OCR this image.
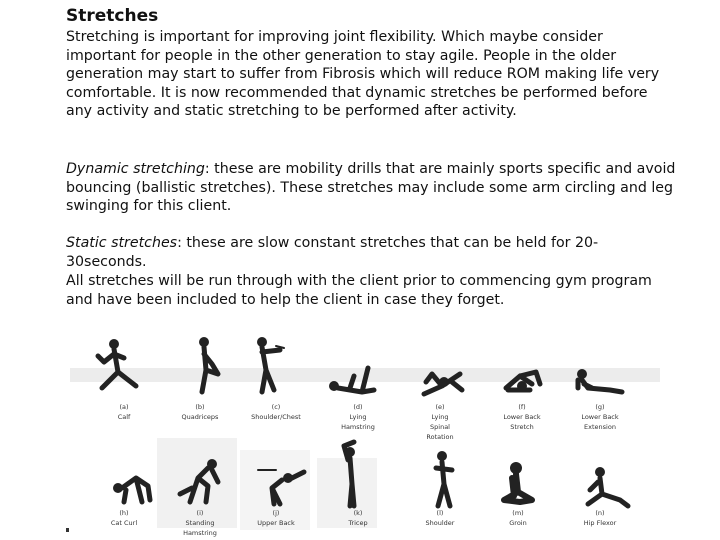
Stretches

Stretching is important for improving joint flexibility. Which maybe consider important for people in the other generation to stay agile. People in the older generation may start to suffer from Fibrosis which will reduce ROM making life very comfortable. It is now recommended that dynamic stretches be performed before any activity and static stretching to be performed after activity.

Dynamic stretching: these are mobility drills that are mainly sports specific and avoid bouncing (ballistic stretches). These stretches may include some arm circling and leg swinging for this client.

Static stretches: these are slow constant stretches that can be held for 20-30seconds.

All stretches will be run through with the client prior to commencing gym program and have been included to help the client in case they forget.

(a)
Calf
(b)
Quadriceps
(c)
Shoulder/Chest
(d)
Lying Hamstring
(e)
Lying Spinal Rotation
(f)
Lower Back Stretch
(g)
Lower Back Extension
(h)
Cat Curl
(i)
Standing Hamstring
(j)
Upper Back
(k)
Tricep
(l)
Shoulder
(m)
Groin
(n)
Hip Flexor
